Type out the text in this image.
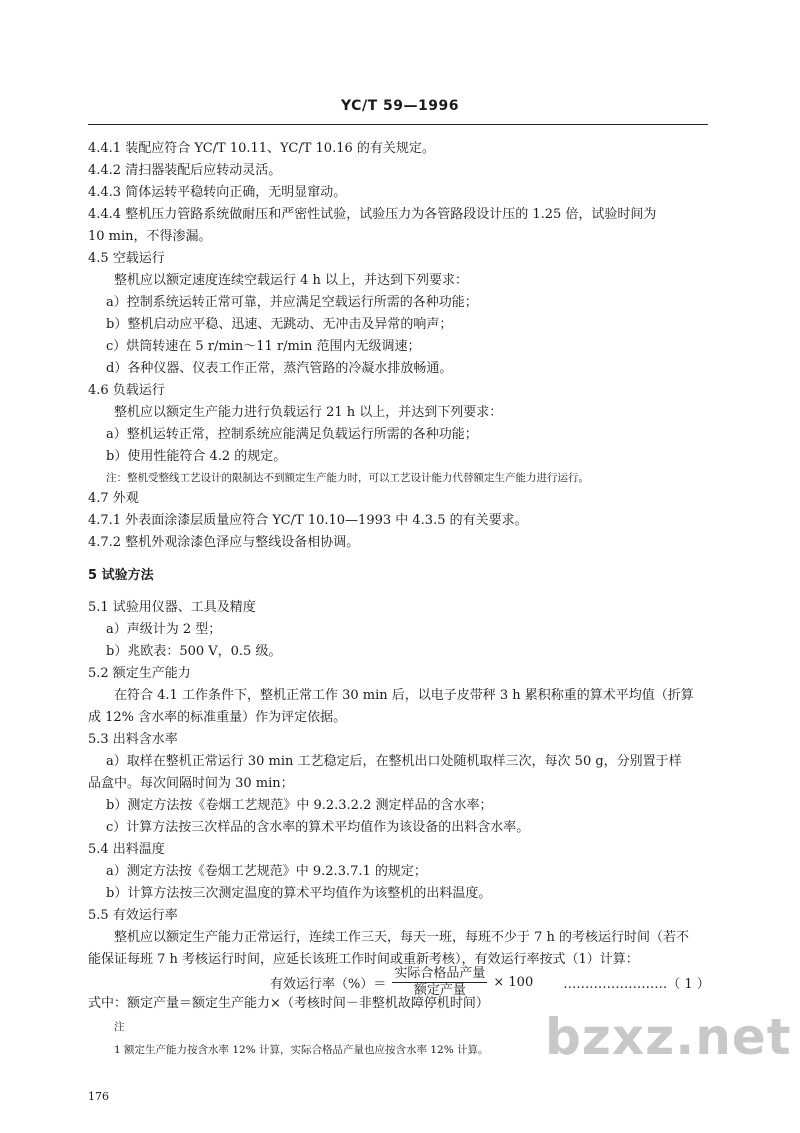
YC/T 59—1996
4.4.1 装配应符合 YC/T 10.11、YC/T 10.16 的有关规定。
4.4.2 清扫器装配后应转动灵活。
4.4.3 简体运转平稳转向正确，无明显窜动。
4.4.4 整机压力管路系统做耐压和严密性试验，试验压力为各管路段设计压的 1.25 倍，试验时间为
10 min，不得渗漏。
4.5 空载运行
整机应以额定速度连续空载运行 4 h 以上，并达到下列要求：
a）控制系统运转正常可靠，并应满足空载运行所需的各种功能；
b）整机启动应平稳、迅速、无跳动、无冲击及异常的响声；
c）烘筒转速在 5 r/min～11 r/min 范围内无级调速；
d）各种仪器、仪表工作正常，蒸汽管路的冷凝水排放畅通。
4.6 负载运行
整机应以额定生产能力进行负载运行 21 h 以上，并达到下列要求：
a）整机运转正常，控制系统应能满足负载运行所需的各种功能；
b）使用性能符合 4.2 的规定。
注：整机受整线工艺设计的限制达不到额定生产能力时，可以工艺设计能力代替额定生产能力进行运行。
4.7 外观
4.7.1 外表面涂漆层质量应符合 YC/T 10.10—1993 中 4.3.5 的有关要求。
4.7.2 整机外观涂漆色泽应与整线设备相协调。
5 试验方法
5.1 试验用仪器、工具及精度
a）声级计为 2 型；
b）兆欧表：500 V，0.5 级。
5.2 额定生产能力
在符合 4.1 工作条件下，整机正常工作 30 min 后，以电子皮带秤 3 h 累积称重的算术平均值（折算
成 12% 含水率的标准重量）作为评定依据。
5.3 出料含水率
a）取样在整机正常运行 30 min 工艺稳定后，在整机出口处随机取样三次，每次 50 g，分别置于样
品盒中。每次间隔时间为 30 min；
b）测定方法按《卷烟工艺规范》中 9.2.3.2.2 测定样品的含水率；
c）计算方法按三次样品的含水率的算术平均值作为该设备的出料含水率。
5.4 出料温度
a）测定方法按《卷烟工艺规范》中 9.2.3.7.1 的规定；
b）计算方法按三次测定温度的算术平均值作为该整机的出料温度。
5.5 有效运行率
整机应以额定生产能力正常运行，连续工作三天，每天一班，每班不少于 7 h 的考核运行时间（若不
有效运行率（%）＝ $\frac{\text{实际合格品产量}}{\text{额定产量}} \times 100$ ……………………（ 1 ）
式中：额定产量＝额定生产能力×（考核时间－非整机故障停机时间）
注
1 额定生产能力按含水率 12% 计算，实际合格品产量也应按含水率 12% 计算。
176
bzxz.net
能保证每班 7 h 考核运行时间，应延长该班工作时间或重新考核），有效运行率按式（1）计算：
